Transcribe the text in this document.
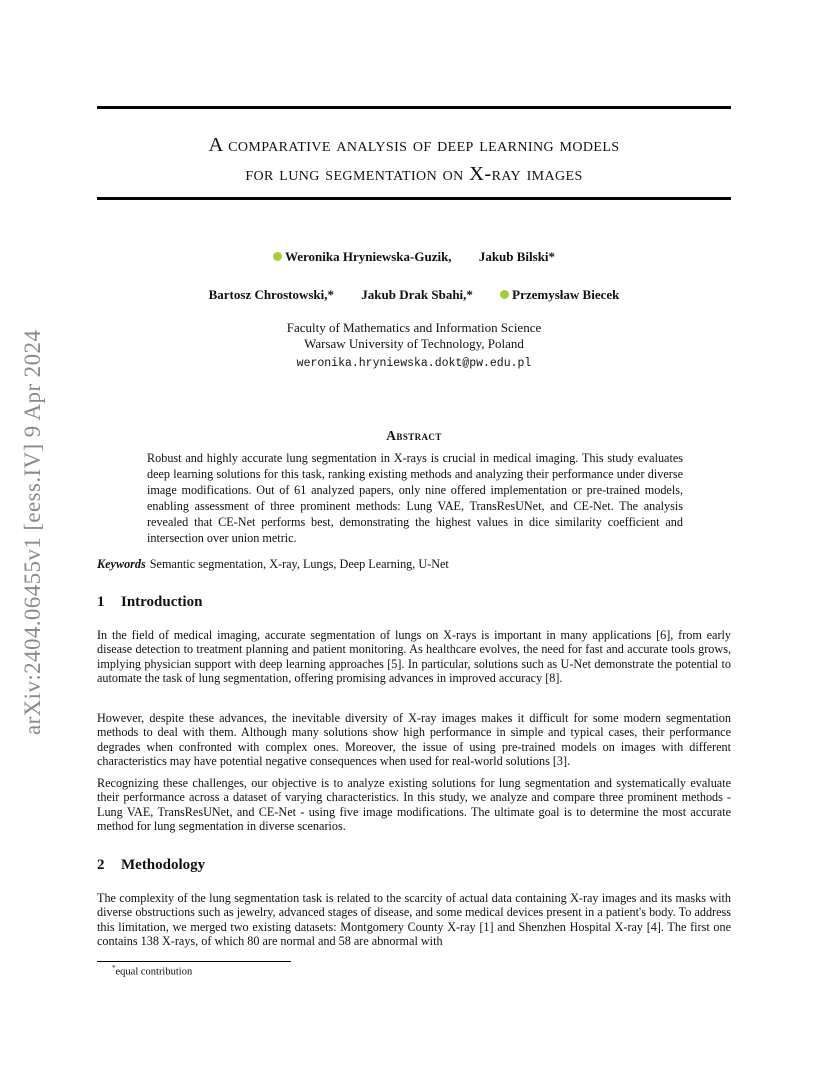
arXiv:2404.06455v1 [eess.IV] 9 Apr 2024
A comparative analysis of deep learning models
for lung segmentation on X-ray images
Weronika Hryniewska-Guzik, Jakub Bilski*
Bartosz Chrostowski,* Jakub Drak Sbahi,*	Przemysław Biecek
Faculty of Mathematics and Information Science
Warsaw University of Technology, Poland
weronika.hryniewska.dokt@pw.edu.pl
Abstract

Robust and highly accurate lung segmentation in X-rays is crucial in medical imaging. This study evaluates deep learning solutions for this task, ranking existing methods and analyzing their performance under diverse image modifications. Out of 61 analyzed papers, only nine offered implementation or pre-trained models, enabling assessment of three prominent methods: Lung VAE, TransResUNet, and CE-Net. The analysis revealed that CE-Net performs best, demonstrating the highest values in dice similarity coefficient and intersection over union metric.

Keywords Semantic segmentation, X-ray, Lungs, Deep Learning, U-Net
1 Introduction

In the field of medical imaging, accurate segmentation of lungs on X-rays is important in many applications [6], from early disease detection to treatment planning and patient monitoring. As healthcare evolves, the need for fast and accurate tools grows, implying physician support with deep learning approaches [5]. In particular, solutions such as U-Net demonstrate the potential to automate the task of lung segmentation, offering promising advances in improved accuracy [8].

However, despite these advances, the inevitable diversity of X-ray images makes it difficult for some modern segmentation methods to deal with them. Although many solutions show high performance in simple and typical cases, their performance degrades when confronted with complex ones. Moreover, the issue of using pre-trained models on images with different characteristics may have potential negative consequences when used for real-world solutions [3].

Recognizing these challenges, our objective is to analyze existing solutions for lung segmentation and systematically evaluate their performance across a dataset of varying characteristics. In this study, we analyze and compare three prominent methods - Lung VAE, TransResUNet, and CE-Net - using five image modifications. The ultimate goal is to determine the most accurate method for lung segmentation in diverse scenarios.

2 Methodology

The complexity of the lung segmentation task is related to the scarcity of actual data containing X-ray images and its masks with diverse obstructions such as jewelry, advanced stages of disease, and some medical devices present in a patient's body. To address this limitation, we merged two existing datasets: Montgomery County X-ray [1] and Shenzhen Hospital X-ray [4]. The first one contains 138 X-rays, of which 80 are normal and 58 are abnormal with

*equal contribution
